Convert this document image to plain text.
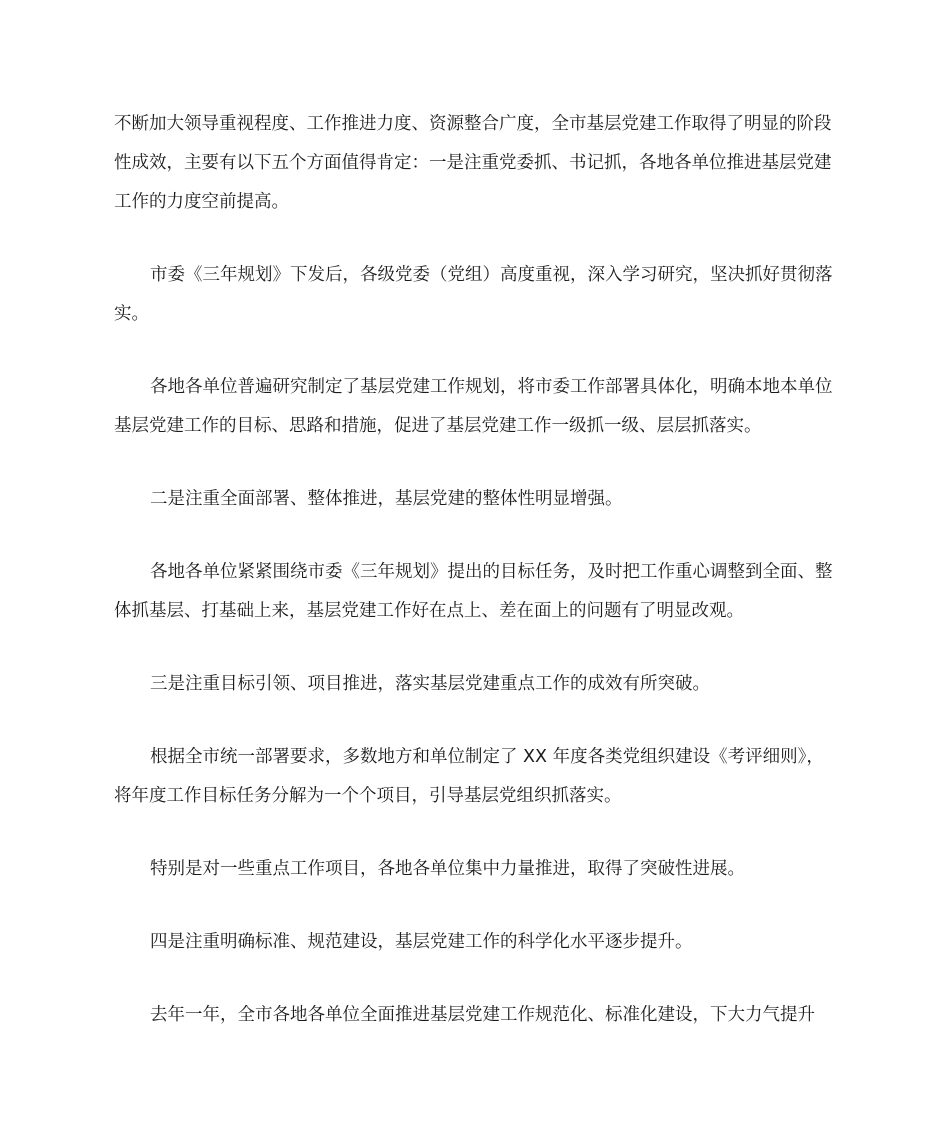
不断加大领导重视程度、工作推进力度、资源整合广度，全市基层党建工作取得了明显的阶段性成效，主要有以下五个方面值得肯定：一是注重党委抓、书记抓，各地各单位推进基层党建工作的力度空前提高。

市委《三年规划》下发后，各级党委（党组）高度重视，深入学习研究，坚决抓好贯彻落实。

各地各单位普遍研究制定了基层党建工作规划，将市委工作部署具体化，明确本地本单位基层党建工作的目标、思路和措施，促进了基层党建工作一级抓一级、层层抓落实。

二是注重全面部署、整体推进，基层党建的整体性明显增强。

各地各单位紧紧围绕市委《三年规划》提出的目标任务，及时把工作重心调整到全面、整体抓基层、打基础上来，基层党建工作好在点上、差在面上的问题有了明显改观。

三是注重目标引领、项目推进，落实基层党建重点工作的成效有所突破。

根据全市统一部署要求，多数地方和单位制定了 XX 年度各类党组织建设《考评细则》，将年度工作目标任务分解为一个个项目，引导基层党组织抓落实。

特别是对一些重点工作项目，各地各单位集中力量推进，取得了突破性进展。

四是注重明确标准、规范建设，基层党建工作的科学化水平逐步提升。

去年一年，全市各地各单位全面推进基层党建工作规范化、标准化建设，下大力气提升
